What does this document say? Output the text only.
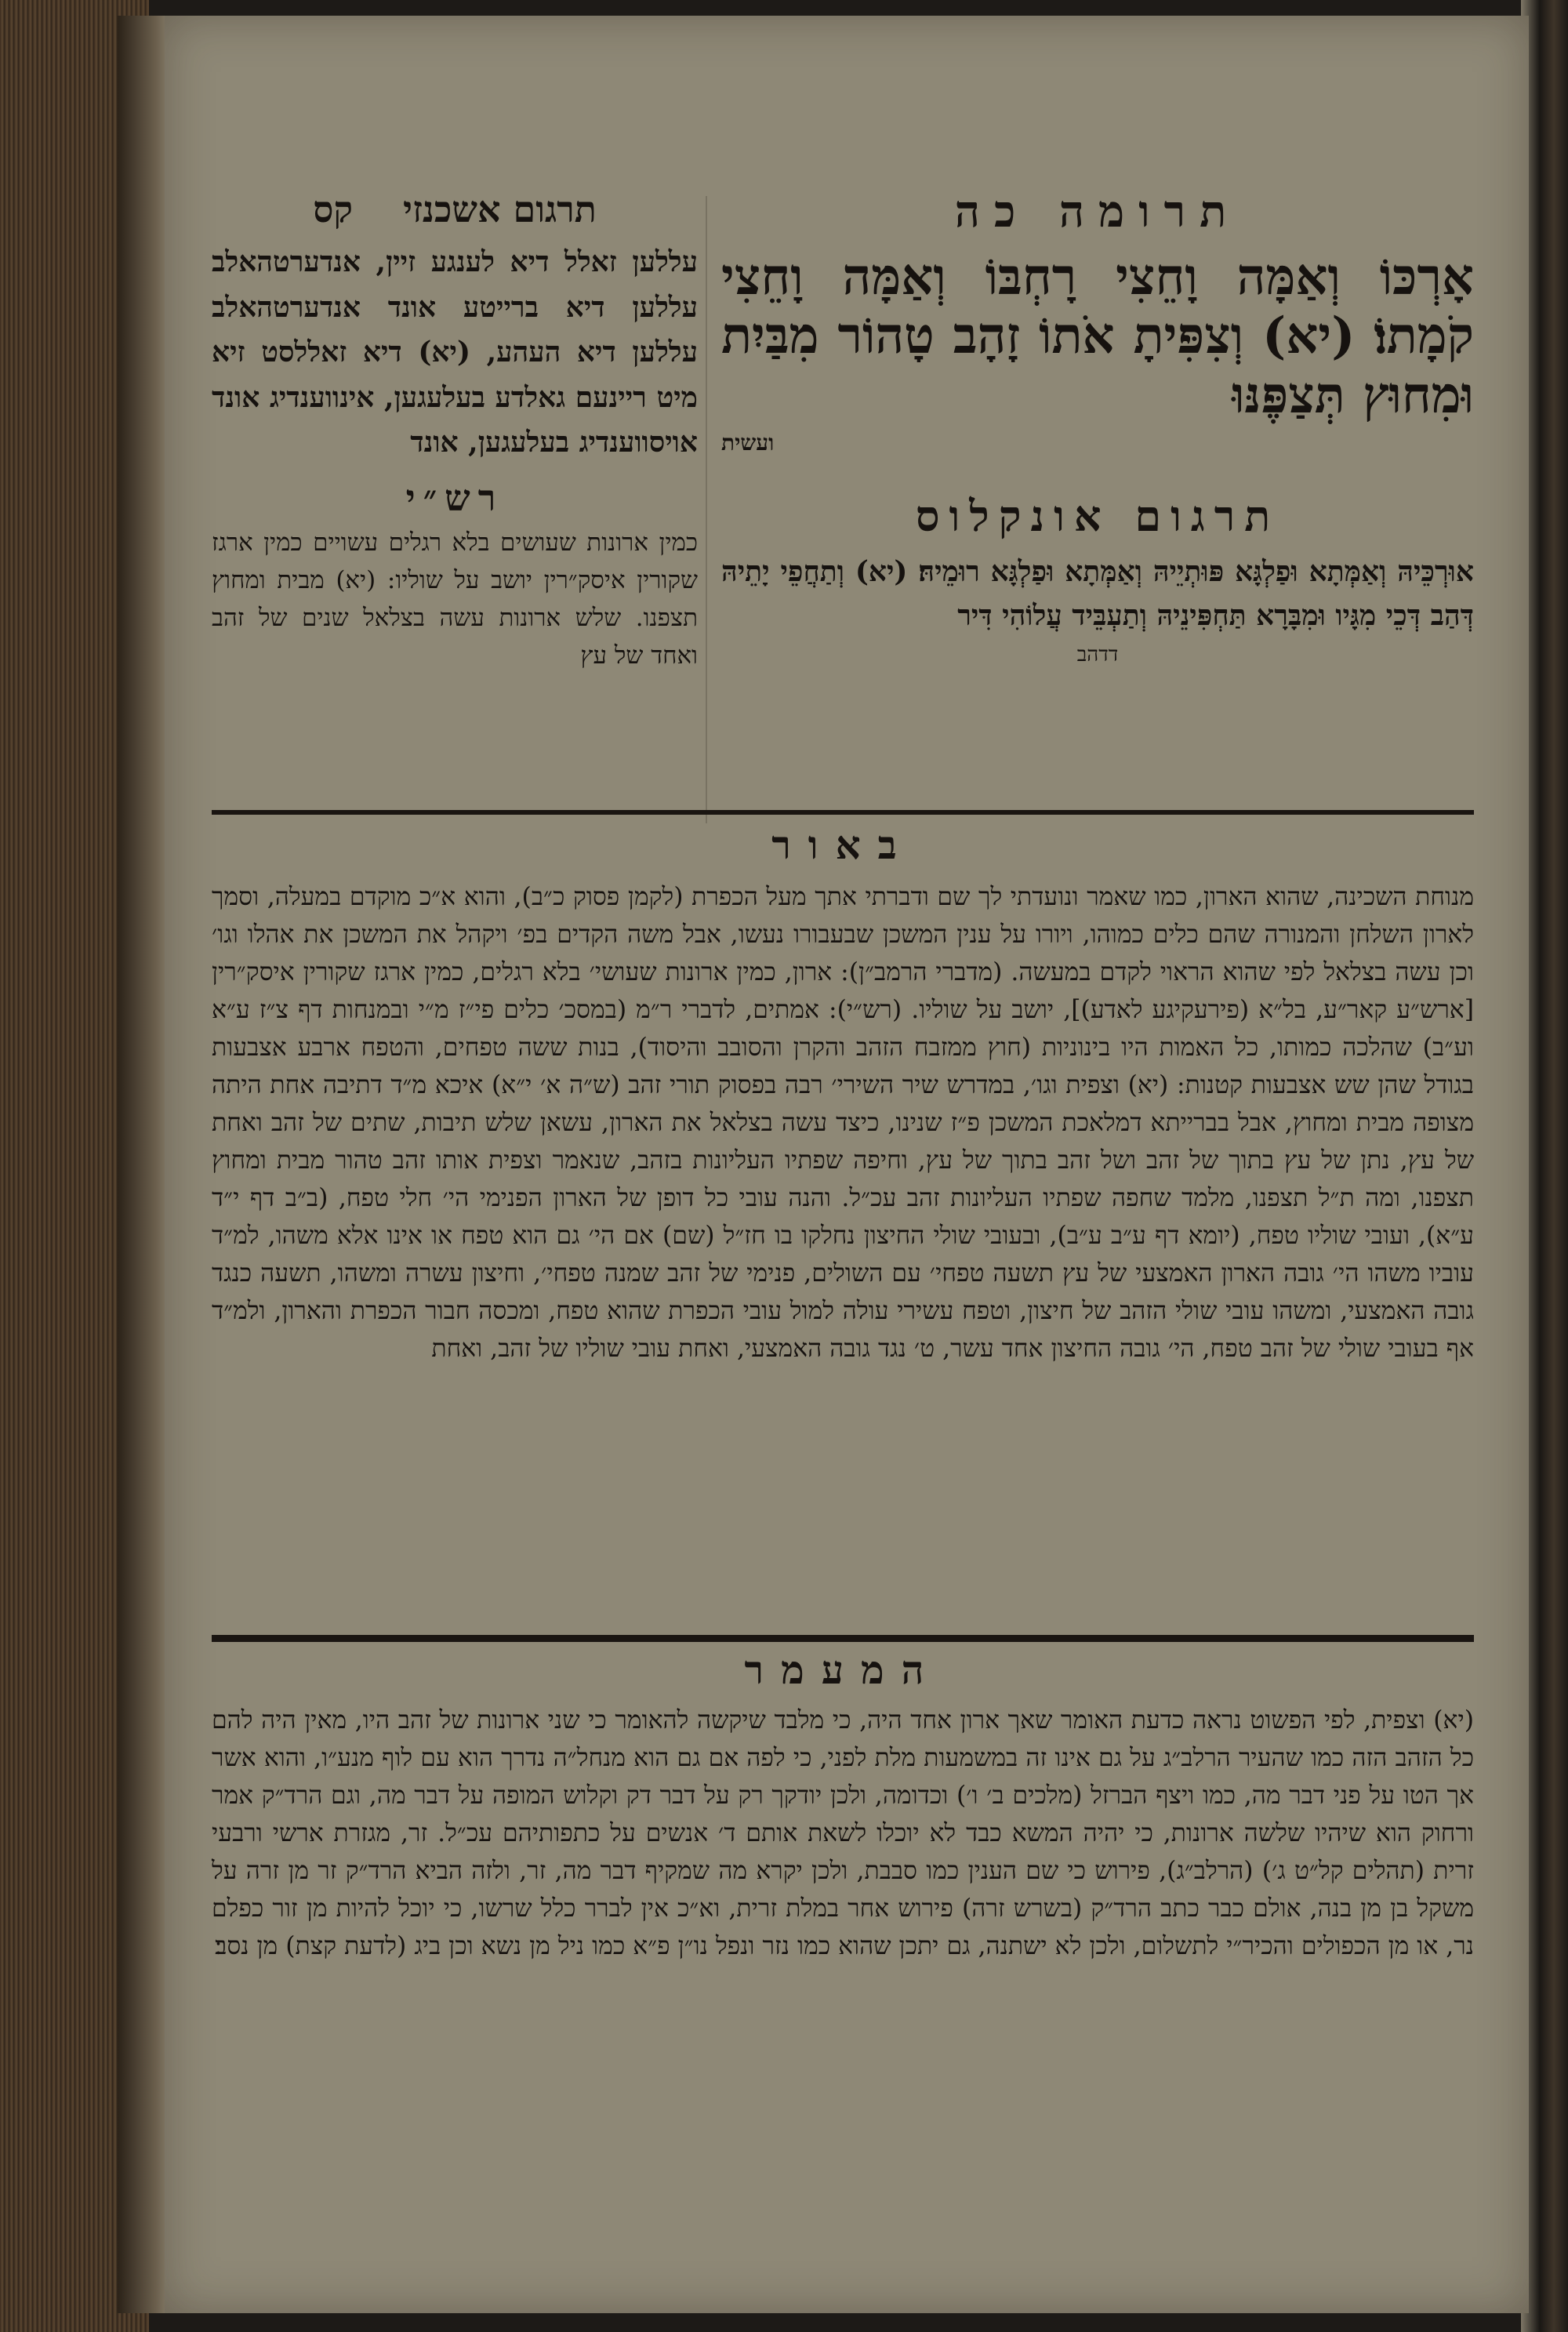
תרומה כה
אָרְכּוֹ וְאַמָּה וָחֵצִי רָחְבּוֹ וְאַמָּה וָחֵצִי קֹמָתוֹ׃ (יא) וְצִפִּיתָ אֹתוֹ זָהָב טָהוֹר מִבַּיִת וּמִחוּץ תְּצַפֶּנּוּ
ועשית
תרגום אונקלוס
אוּרְכֵּיהּ וְאַמְּתָא וּפַלְגָּא פּוּתְיֵיהּ וְאַמְּתָא וּפַלְגָּא רוּמֵיהּ׃ (יא) וְתַחֲפֵי יָתֵיהּ דְּהַב דְּכֵי מִגָּיו וּמִבָּרָא תַּחְפִּינֵיהּ וְתַעְבֵּיד עֲלוֹהִי דִּיר
דדהב
תרגום אשכנזי    קס
עללען זאלל דיא לענגע זיין, אנדערטהאלב עללען דיא ברייטע אונד אנדערטהאלב עללען דיא העהע, (יא) דיא זאללסט זיא מיט ריינעם גאלדע בעלעגען, אינווענדיג אונד אויסווענדיג בעלעגען, אונד
רש״י
כמין ארונות שעושים בלא רגלים עשויים כמין ארגז שקורין איסק״רין יושב על שוליו: (יא) מבית ומחוץ תצפנו. שלש ארונות עשה בצלאל שנים של זהב ואחד של עץ
באור
מנוחת השכינה, שהוא הארון, כמו שאמר ונועדתי לך שם ודברתי אתך מעל הכפרת (לקמן פסוק כ״ב), והוא א״כ מוקדם במעלה, וסמך לארון השלחן והמנורה שהם כלים כמוהו, ויורו על ענין המשכן שבעבורו נעשו, אבל משה הקדים בפ׳ ויקהל את המשכן את אהלו וגו׳ וכן עשה בצלאל לפי שהוא הראוי לקדם במעשה. (מדברי הרמב״ן): ארון, כמין ארונות שעושי׳ בלא רגלים, כמין ארגז שקורין איסק״רין [ארש״ע קאר״ע, בל״א (פירעקיגע לאדע)], יושב על שוליו. (רש״י): אמתים, לדברי ר״מ (במסכ׳ כלים פי״ז מ״י ובמנחות דף צ״ז ע״א וע״ב) שהלכה כמותו, כל האמות היו בינוניות (חוץ ממזבח הזהב והקרן והסובב והיסוד), בנות ששה טפחים, והטפח ארבע אצבעות בגודל שהן שש אצבעות קטנות: (יא) וצפית וגו׳, במדרש שיר השירי׳ רבה בפסוק תורי זהב (ש״ה א׳ י״א) איכא מ״ד דתיבה אחת היתה מצופה מבית ומחוץ, אבל בברייתא דמלאכת המשכן פ״ז שנינו, כיצד עשה בצלאל את הארון, עשאן שלש תיבות, שתים של זהב ואחת של עץ, נתן של עץ בתוך של זהב ושל זהב בתוך של עץ, וחיפה שפתיו העליונות בזהב, שנאמר וצפית אותו זהב טהור מבית ומחוץ תצפנו, ומה ת״ל תצפנו, מלמד שחפה שפתיו העליונות זהב עכ״ל. והנה עובי כל דופן של הארון הפנימי הי׳ חלי טפח, (ב״ב דף י״ד ע״א), ועובי שוליו טפח, (יומא דף ע״ב ע״ב), ובעובי שולי החיצון נחלקו בו חז״ל (שם) אם הי׳ גם הוא טפח או אינו אלא משהו, למ״ד עוביו משהו הי׳ גובה הארון האמצעי של עץ תשעה טפחי׳ עם השולים, פנימי של זהב שמנה טפחי׳, וחיצון עשרה ומשהו, תשעה כנגד גובה האמצעי, ומשהו עובי שולי הזהב של חיצון, וטפח עשירי עולה למול עובי הכפרת שהוא טפח, ומכסה חבור הכפרת והארון, ולמ״ד אף בעובי שולי של זהב טפח, הי׳ גובה החיצון אחד עשר, ט׳ נגד גובה האמצעי, ואחת עובי שוליו של זהב, ואחת
המעמר
(יא) וצפית, לפי הפשוט נראה כדעת האומר שאך ארון אחד היה, כי מלבד שיקשה להאומר כי שני ארונות של זהב היו, מאין היה להם כל הזהב הזה כמו שהעיר הרלב״ג על גם אינו זה במשמעות מלת לפני, כי לפה אם גם הוא מנחל״ה נדרך הוא עם לוף מנע״ו, והוא אשר אך הטו על פני דבר מה, כמו ויצף הברזל (מלכים ב׳ ו׳) וכדומה, ולכן יודקך רק על דבר דק וקלוש המופה על דבר מה, וגם הרד״ק אמר ורחוק הוא שיהיו שלשה ארונות, כי יהיה המשא כבד לא יוכלו לשאת אותם ד׳ אנשים על כתפותיהם עכ״ל. זר, מגזרת ארשי ורבעי זרית (תהלים קל״ט ג׳) (הרלב״ג), פירוש כי שם הענין כמו סבבת, ולכן יקרא מה שמקיף דבר מה, זר, ולזה הביא הרד״ק זר מן זרה על משקל בן מן בנה, אולם כבר כתב הרד״ק (בשרש זרה) פירוש אחר במלת זרית, וא״כ אין לברר כלל שרשו, כי יוכל להיות מן זור כפלם נר, או מן הכפולים והכיר״י לתשלום, ולכן לא ישתנה, גם יתכן שהוא כמו נזר ונפל נו״ן פ״א כמו ניל מן נשא וכן ביג (לדעת קצת) מן נסב׃
